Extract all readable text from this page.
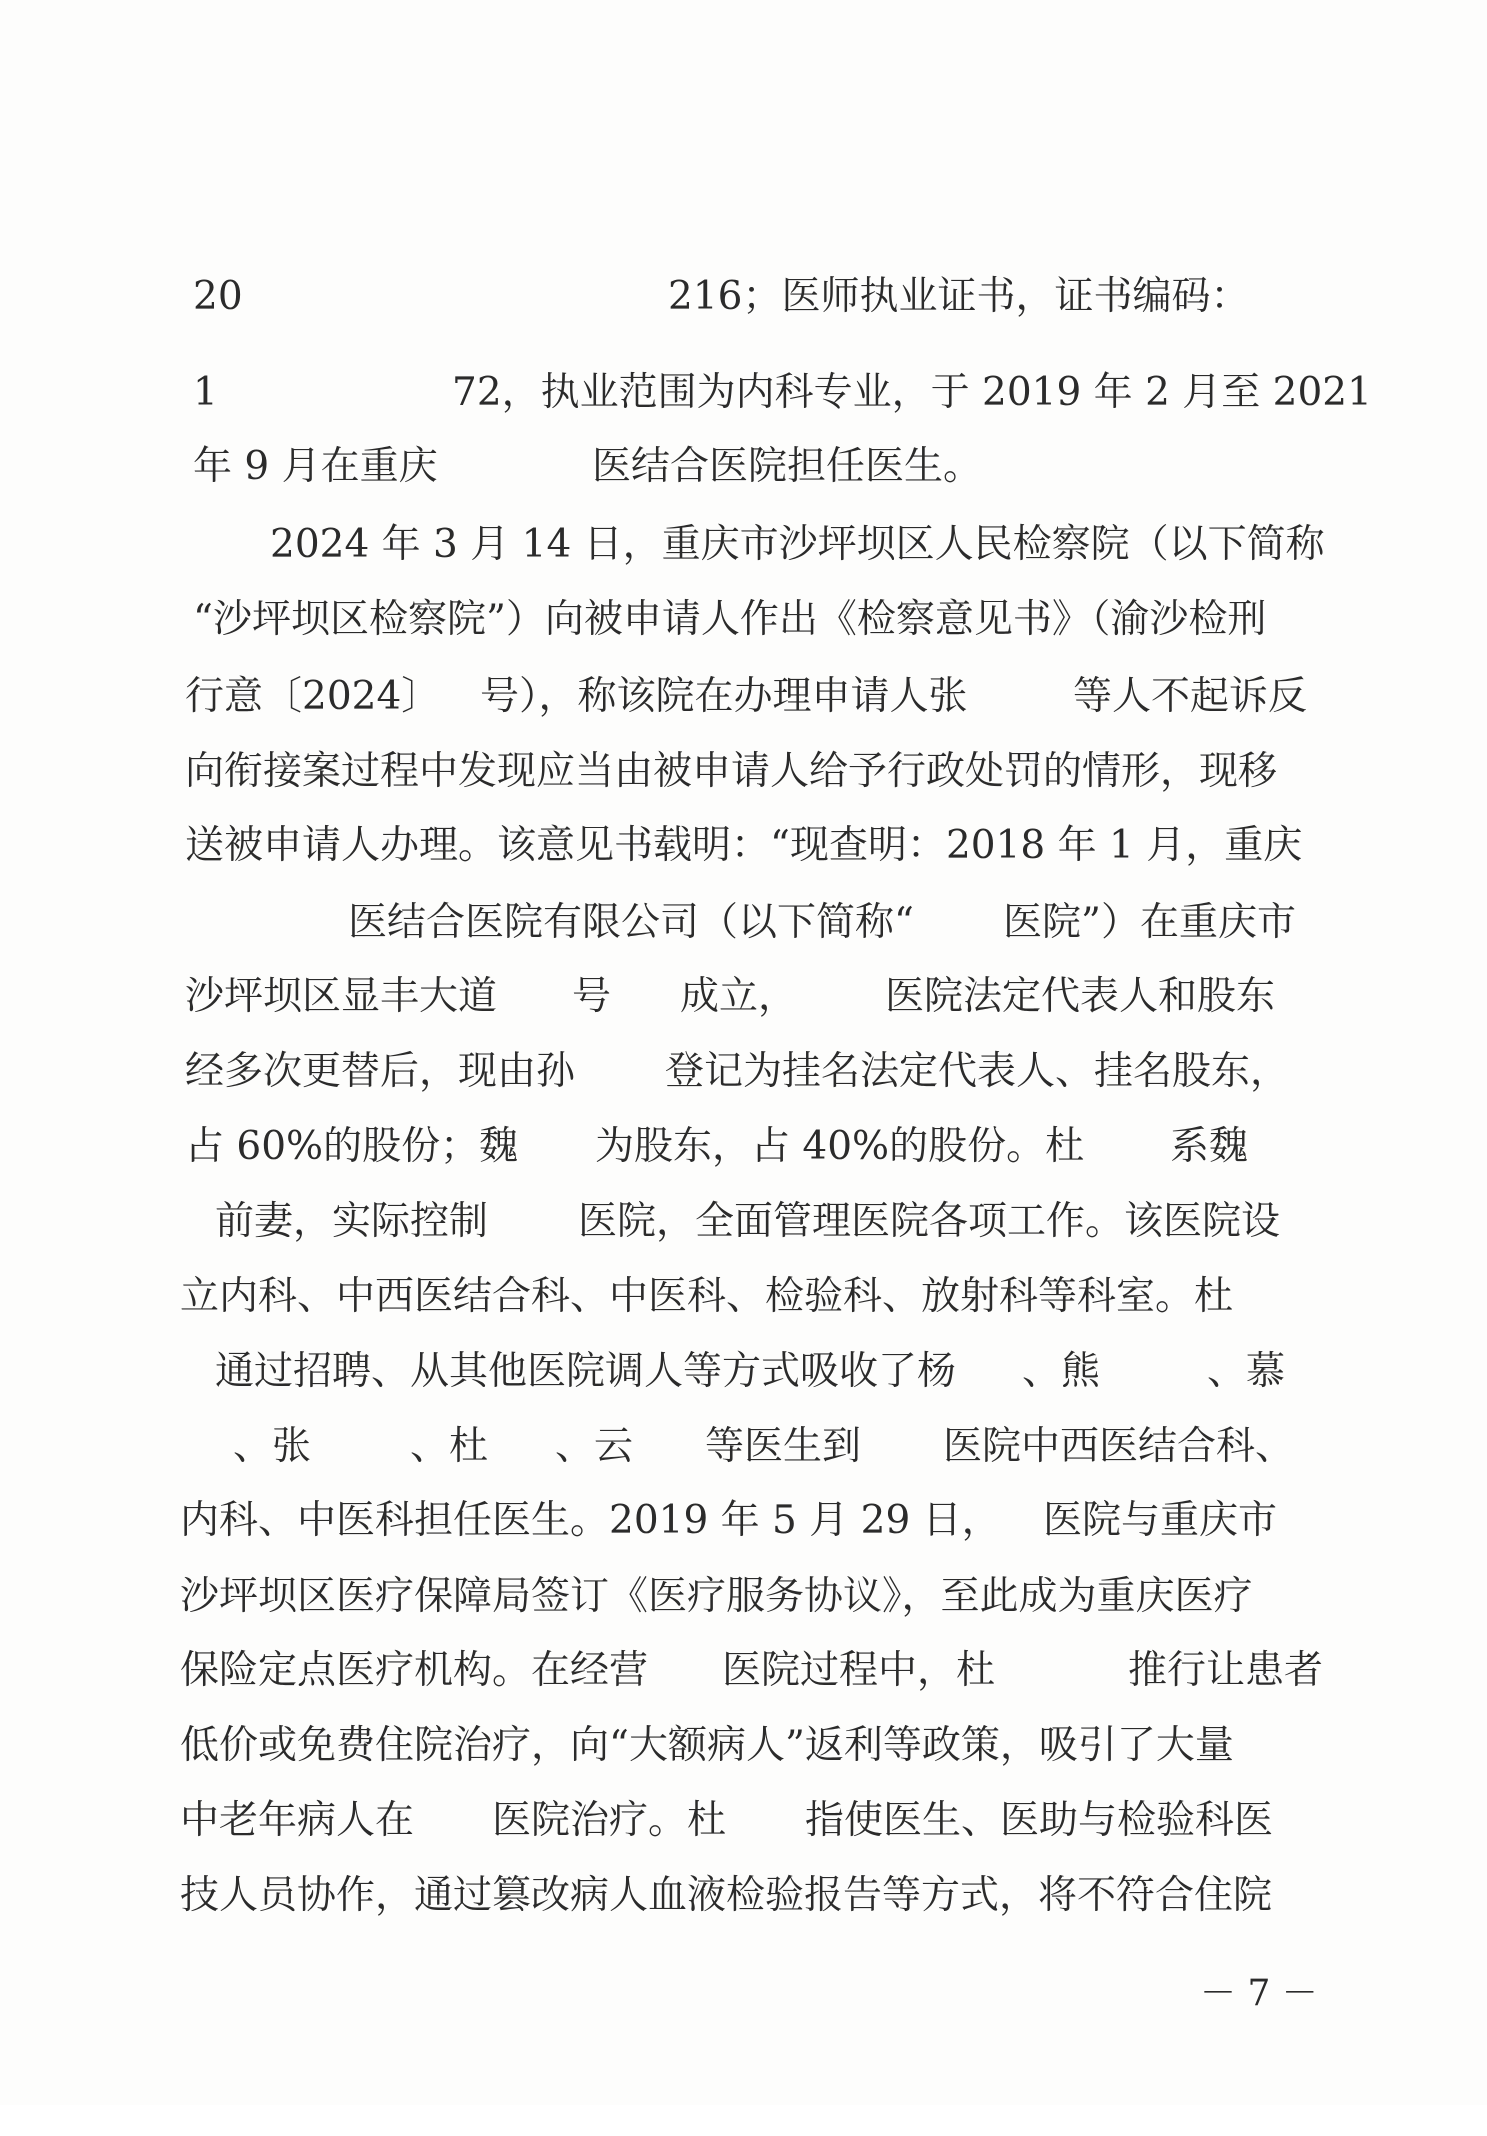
20

	216；医师执业证书，证书编码：

1

	72，执业范围为内科专业，于 2019 年 2 月至 2021

年 9 月在重庆

	医结合医院担任医生。

2024 年 3 月 14 日，重庆市沙坪坝区人民检察院（以下简称

“沙坪坝区检察院”）向被申请人作出《检察意见书》（渝沙检刑

行意〔2024〕

号），称该院在办理申请人张

	等人不起诉反

向衔接案过程中发现应当由被申请人给予行政处罚的情形，现移

送被申请人办理。该意见书载明：“现查明：2018 年 1 月，重庆

医结合医院有限公司（以下简称“

医院”）在重庆市

沙坪坝区显丰大道

号

成立，

医院法定代表人和股东

经多次更替后，现由孙

登记为挂名法定代表人、挂名股东，

占 60%的股份；魏

为股东，占 40%的股份。杜

系魏

前妻，实际控制

医院，全面管理医院各项工作。该医院设

立内科、中西医结合科、中医科、检验科、放射科等科室。杜

通过招聘、从其他医院调人等方式吸收了杨

、熊

	、慕

、张

	、杜

、云

等医生到

医院中西医结合科、

内科、中医科担任医生。2019 年 5 月 29 日，

医院与重庆市

沙坪坝区医疗保障局签订《医疗服务协议》，至此成为重庆医疗

保险定点医疗机构。在经营

医院过程中，杜

	推行让患者

低价或免费住院治疗，向“大额病人”返利等政策，吸引了大量

中老年病人在

医院治疗。杜

指使医生、医助与检验科医

技人员协作，通过篡改病人血液检验报告等方式，将不符合住院

－ 7 －
